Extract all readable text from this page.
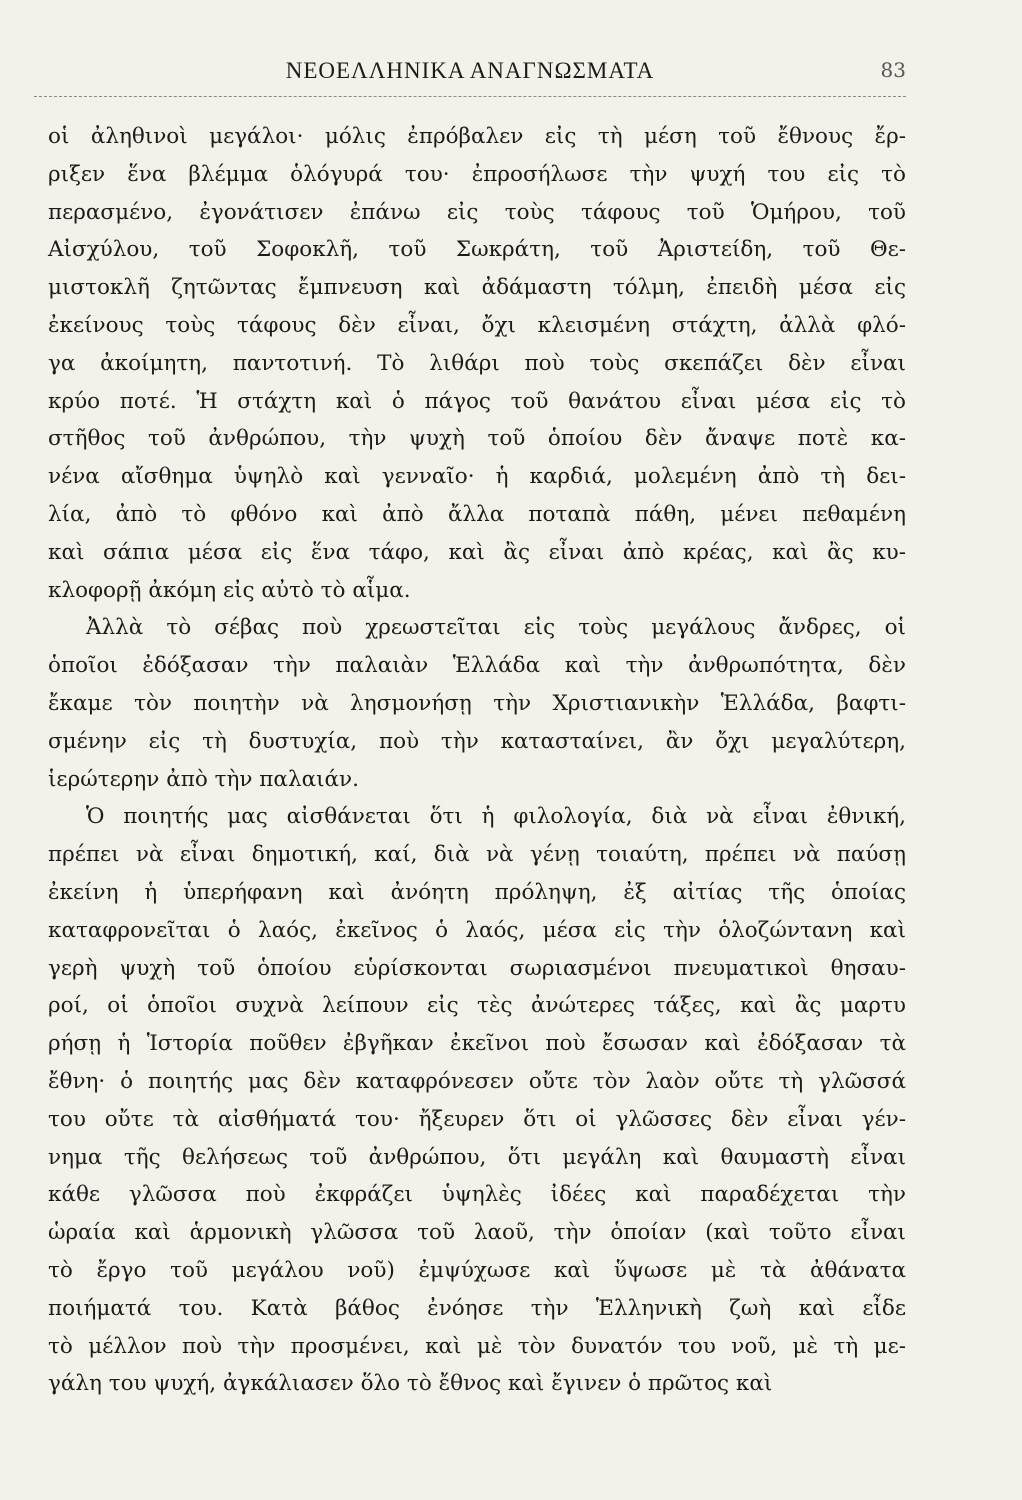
ΝΕΟΕΛΛΗΝΙΚΑ ΑΝΑΓΝΩΣΜΑΤΑ	83
οἱ ἀληθινοὶ μεγάλοι· μόλις ἐπρόβαλεν εἰς τὴ μέση τοῦ ἔθνους ἔρ-
ριξεν ἕνα βλέμμα ὁλόγυρά του· ἐπροσήλωσε τὴν ψυχή του εἰς τὸ
περασμένο, ἐγονάτισεν ἐπάνω εἰς τοὺς τάφους τοῦ Ὁμήρου, τοῦ
Αἰσχύλου, τοῦ Σοφοκλῆ, τοῦ Σωκράτη, τοῦ Ἀριστείδη, τοῦ Θε-
μιστοκλῆ ζητῶντας ἔμπνευση καὶ ἀδάμαστη τόλμη, ἐπειδὴ μέσα εἰς
ἐκείνους τοὺς τάφους δὲν εἶναι, ὄχι κλεισμένη στάχτη, ἀλλὰ φλό-
γα ἀκοίμητη, παντοτινή. Τὸ λιθάρι ποὺ τοὺς σκεπάζει δὲν εἶναι
κρύο ποτέ. Ἡ στάχτη καὶ ὁ πάγος τοῦ θανάτου εἶναι μέσα εἰς τὸ
στῆθος τοῦ ἀνθρώπου, τὴν ψυχὴ τοῦ ὁποίου δὲν ἄναψε ποτὲ κα-
νένα αἴσθημα ὑψηλὸ καὶ γενναῖο· ἡ καρδιά, μολεμένη ἀπὸ τὴ δει-
λία, ἀπὸ τὸ φθόνο καὶ ἀπὸ ἄλλα ποταπὰ πάθη, μένει πεθαμένη
καὶ σάπια μέσα εἰς ἕνα τάφο, καὶ ἂς εἶναι ἀπὸ κρέας, καὶ ἂς κυ-
κλοφορῇ ἀκόμη εἰς αὐτὸ τὸ αἷμα.
Ἀλλὰ τὸ σέβας ποὺ χρεωστεῖται εἰς τοὺς μεγάλους ἄνδρες, οἱ
ὁποῖοι ἐδόξασαν τὴν παλαιὰν Ἑλλάδα καὶ τὴν ἀνθρωπότητα, δὲν
ἔκαμε τὸν ποιητὴν νὰ λησμονήσῃ τὴν Χριστιανικὴν Ἑλλάδα, βαφτι-
σμένην εἰς τὴ δυστυχία, ποὺ τὴν κατασταίνει, ἂν ὄχι μεγαλύτερη,
ἱερώτερην ἀπὸ τὴν παλαιάν.
Ὁ ποιητής μας αἰσθάνεται ὅτι ἡ φιλολογία, διὰ νὰ εἶναι ἐθνική,
πρέπει νὰ εἶναι δημοτική, καί, διὰ νὰ γένῃ τοιαύτη, πρέπει νὰ παύσῃ
ἐκείνη ἡ ὑπερήφανη καὶ ἀνόητη πρόληψη, ἐξ αἰτίας τῆς ὁποίας
καταφρονεῖται ὁ λαός, ἐκεῖνος ὁ λαός, μέσα εἰς τὴν ὁλοζώντανη καὶ
γερὴ ψυχὴ τοῦ ὁποίου εὑρίσκονται σωριασμένοι πνευματικοὶ θησαυ-
ροί, οἱ ὁποῖοι συχνὰ λείπουν εἰς τὲς ἀνώτερες τάξες, καὶ ἂς μαρτυ
ρήσῃ ἡ Ἱστορία ποῦθεν ἐβγῆκαν ἐκεῖνοι ποὺ ἔσωσαν καὶ ἐδόξασαν τὰ
ἔθνη· ὁ ποιητής μας δὲν καταφρόνεσεν οὔτε τὸν λαὸν οὔτε τὴ γλῶσσά
του οὔτε τὰ αἰσθήματά του· ἤξευρεν ὅτι οἱ γλῶσσες δὲν εἶναι γέν-
νημα τῆς θελήσεως τοῦ ἀνθρώπου, ὅτι μεγάλη καὶ θαυμαστὴ εἶναι
κάθε γλῶσσα ποὺ ἐκφράζει ὑψηλὲς ἰδέες καὶ παραδέχεται τὴν
ὡραία καὶ ἁρμονικὴ γλῶσσα τοῦ λαοῦ, τὴν ὁποίαν (καὶ τοῦτο εἶναι
τὸ ἔργο τοῦ μεγάλου νοῦ) ἐμψύχωσε καὶ ὕψωσε μὲ τὰ ἀθάνατα
ποιήματά του. Κατὰ βάθος ἐνόησε τὴν Ἑλληνικὴ ζωὴ καὶ εἶδε
τὸ μέλλον ποὺ τὴν προσμένει, καὶ μὲ τὸν δυνατόν του νοῦ, μὲ τὴ με-
γάλη του ψυχή, ἀγκάλιασεν ὅλο τὸ ἔθνος καὶ ἔγινεν ὁ πρῶτος καὶ
